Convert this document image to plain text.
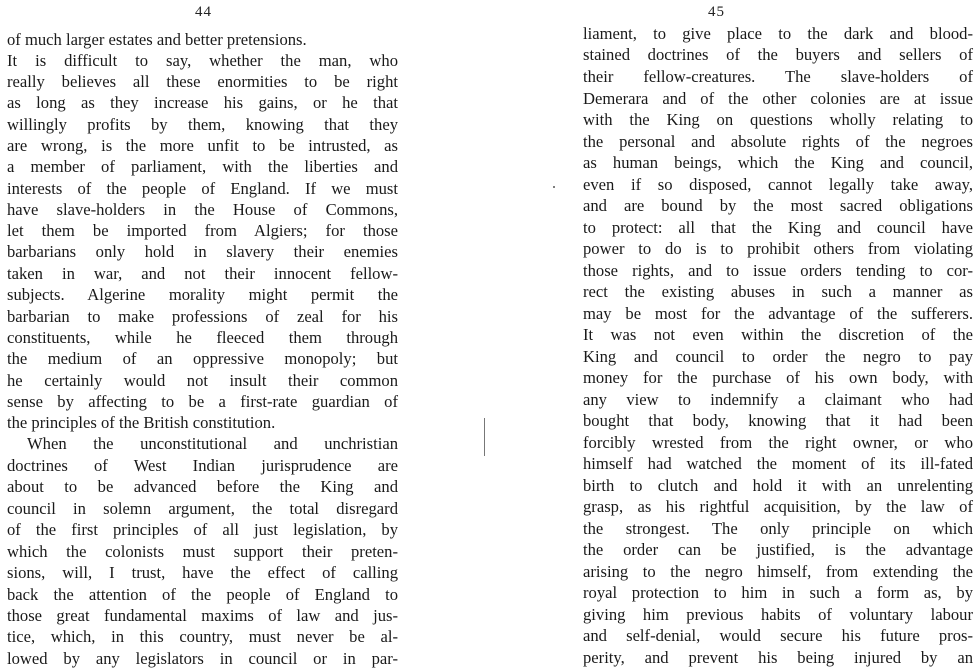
44
of much larger estates and better pretensions.
It is difficult to say, whether the man, who
really believes all these enormities to be right
as long as they increase his gains, or he that
willingly profits by them, knowing that they
are wrong, is the more unfit to be intrusted, as
a member of parliament, with the liberties and
interests of the people of England. If we must
have slave-holders in the House of Commons,
let them be imported from Algiers; for those
barbarians only hold in slavery their enemies
taken in war, and not their innocent fellow-
subjects. Algerine morality might permit the
barbarian to make professions of zeal for his
constituents, while he fleeced them through
the medium of an oppressive monopoly; but
he certainly would not insult their common
sense by affecting to be a first-rate guardian of
the principles of the British constitution.
When the unconstitutional and unchristian
doctrines of West Indian jurisprudence are
about to be advanced before the King and
council in solemn argument, the total disregard
of the first principles of all just legislation, by
which the colonists must support their preten-
sions, will, I trust, have the effect of calling
back the attention of the people of England to
those great fundamental maxims of law and jus-
tice, which, in this country, must never be al-
lowed by any legislators in council or in par-
45
liament, to give place to the dark and blood-
stained doctrines of the buyers and sellers of
their fellow-creatures. The slave-holders of
Demerara and of the other colonies are at issue
with the King on questions wholly relating to
the personal and absolute rights of the negroes
as human beings, which the King and council,
even if so disposed, cannot legally take away,
and are bound by the most sacred obligations
to protect: all that the King and council have
power to do is to prohibit others from violating
those rights, and to issue orders tending to cor-
rect the existing abuses in such a manner as
may be most for the advantage of the sufferers.
It was not even within the discretion of the
King and council to order the negro to pay
money for the purchase of his own body, with
any view to indemnify a claimant who had
bought that body, knowing that it had been
forcibly wrested from the right owner, or who
himself had watched the moment of its ill-fated
birth to clutch and hold it with an unrelenting
grasp, as his rightful acquisition, by the law of
the strongest. The only principle on which
the order can be justified, is the advantage
arising to the negro himself, from extending the
royal protection to him in such a form as, by
giving him previous habits of voluntary labour
and self-denial, would secure his future pros-
perity, and prevent his being injured by an
